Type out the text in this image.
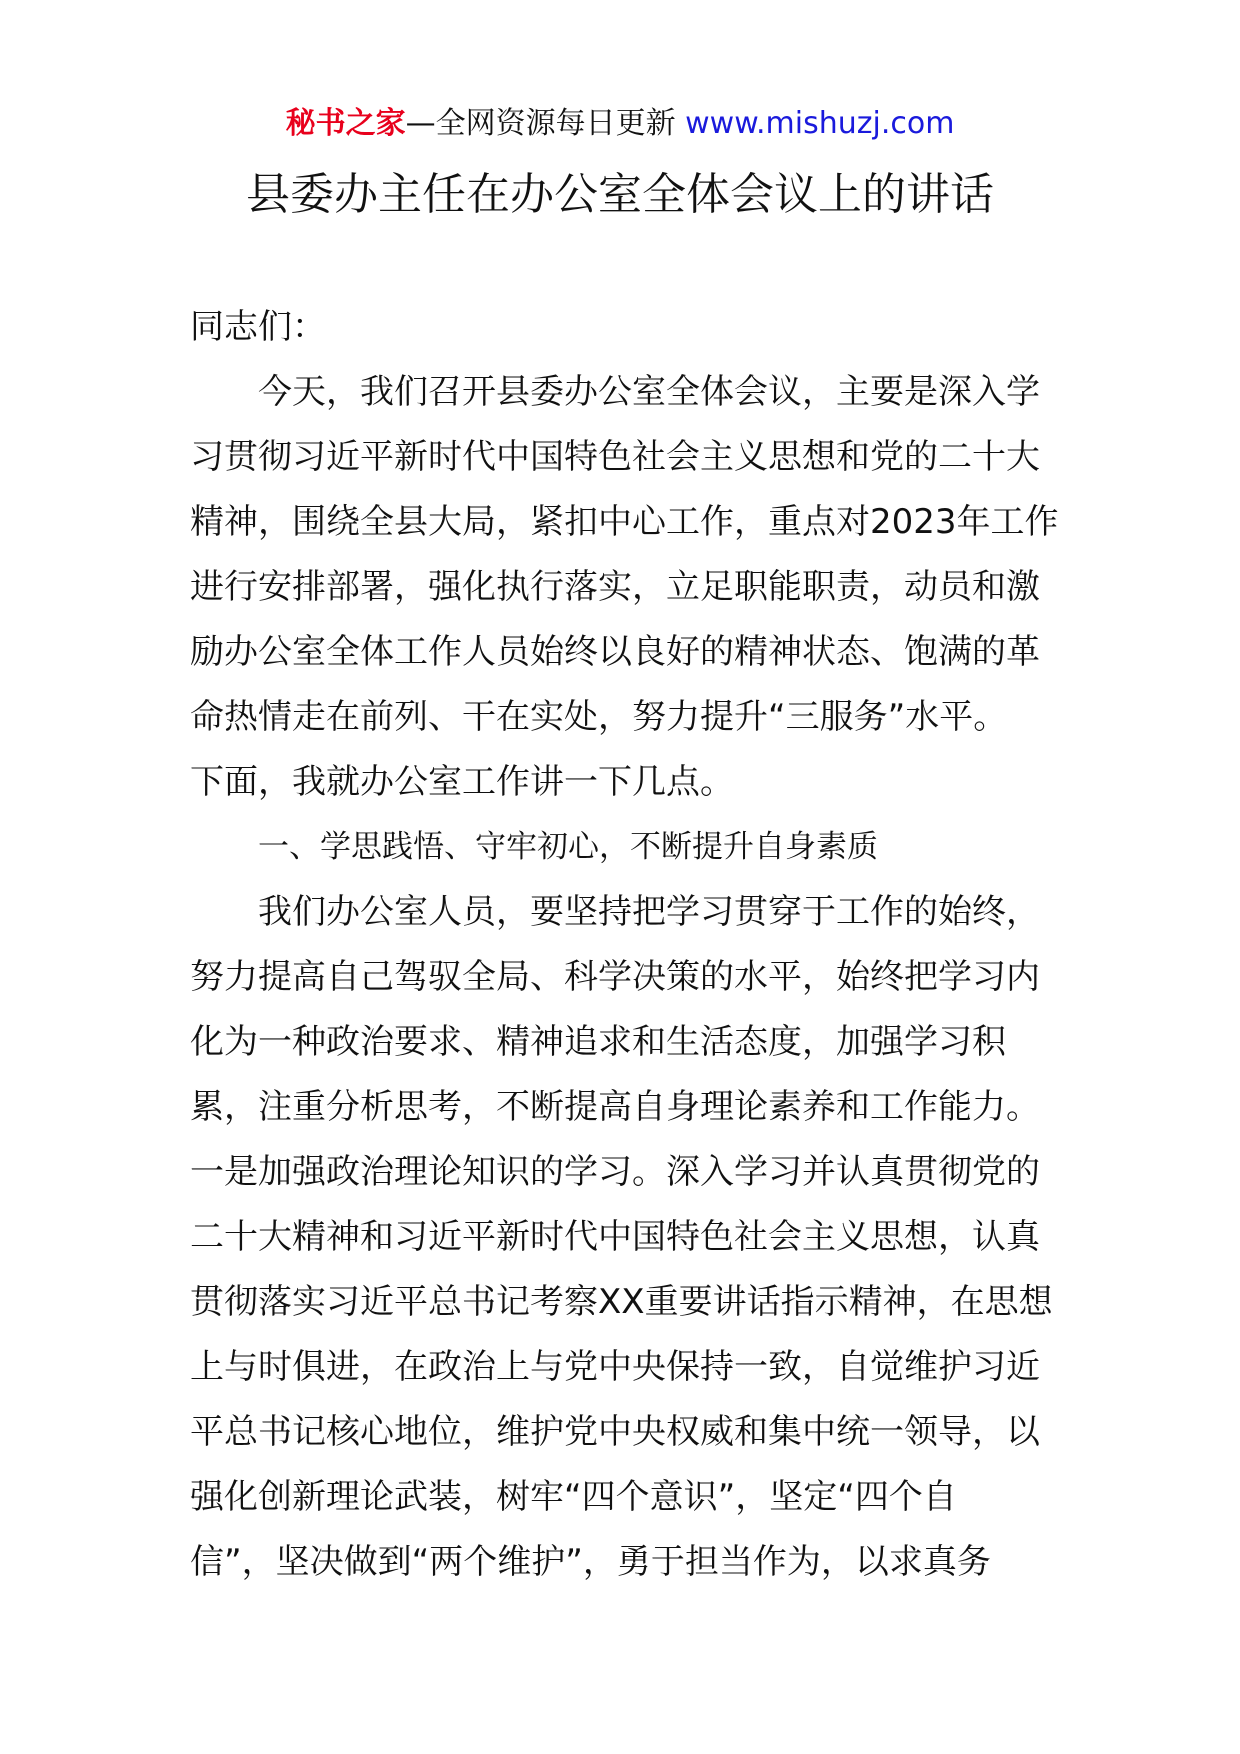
秘书之家—全网资源每日更新 www.mishuzj.com
县委办主任在办公室全体会议上的讲话
同志们：
今天，我们召开县委办公室全体会议，主要是深入学
习贯彻习近平新时代中国特色社会主义思想和党的二十大
精神，围绕全县大局，紧扣中心工作，重点对2023年工作
进行安排部署，强化执行落实，立足职能职责，动员和激
励办公室全体工作人员始终以良好的精神状态、饱满的革
命热情走在前列、干在实处，努力提升“三服务”水平。
下面，我就办公室工作讲一下几点。
一、学思践悟、守牢初心，不断提升自身素质
我们办公室人员，要坚持把学习贯穿于工作的始终，
努力提高自己驾驭全局、科学决策的水平，始终把学习内
化为一种政治要求、精神追求和生活态度，加强学习积
累，注重分析思考，不断提高自身理论素养和工作能力。
一是加强政治理论知识的学习。深入学习并认真贯彻党的
二十大精神和习近平新时代中国特色社会主义思想，认真
贯彻落实习近平总书记考察XX重要讲话指示精神，在思想
上与时俱进，在政治上与党中央保持一致，自觉维护习近
平总书记核心地位，维护党中央权威和集中统一领导，以
强化创新理论武装，树牢“四个意识”，坚定“四个自
信”，坚决做到“两个维护”，勇于担当作为，以求真务
